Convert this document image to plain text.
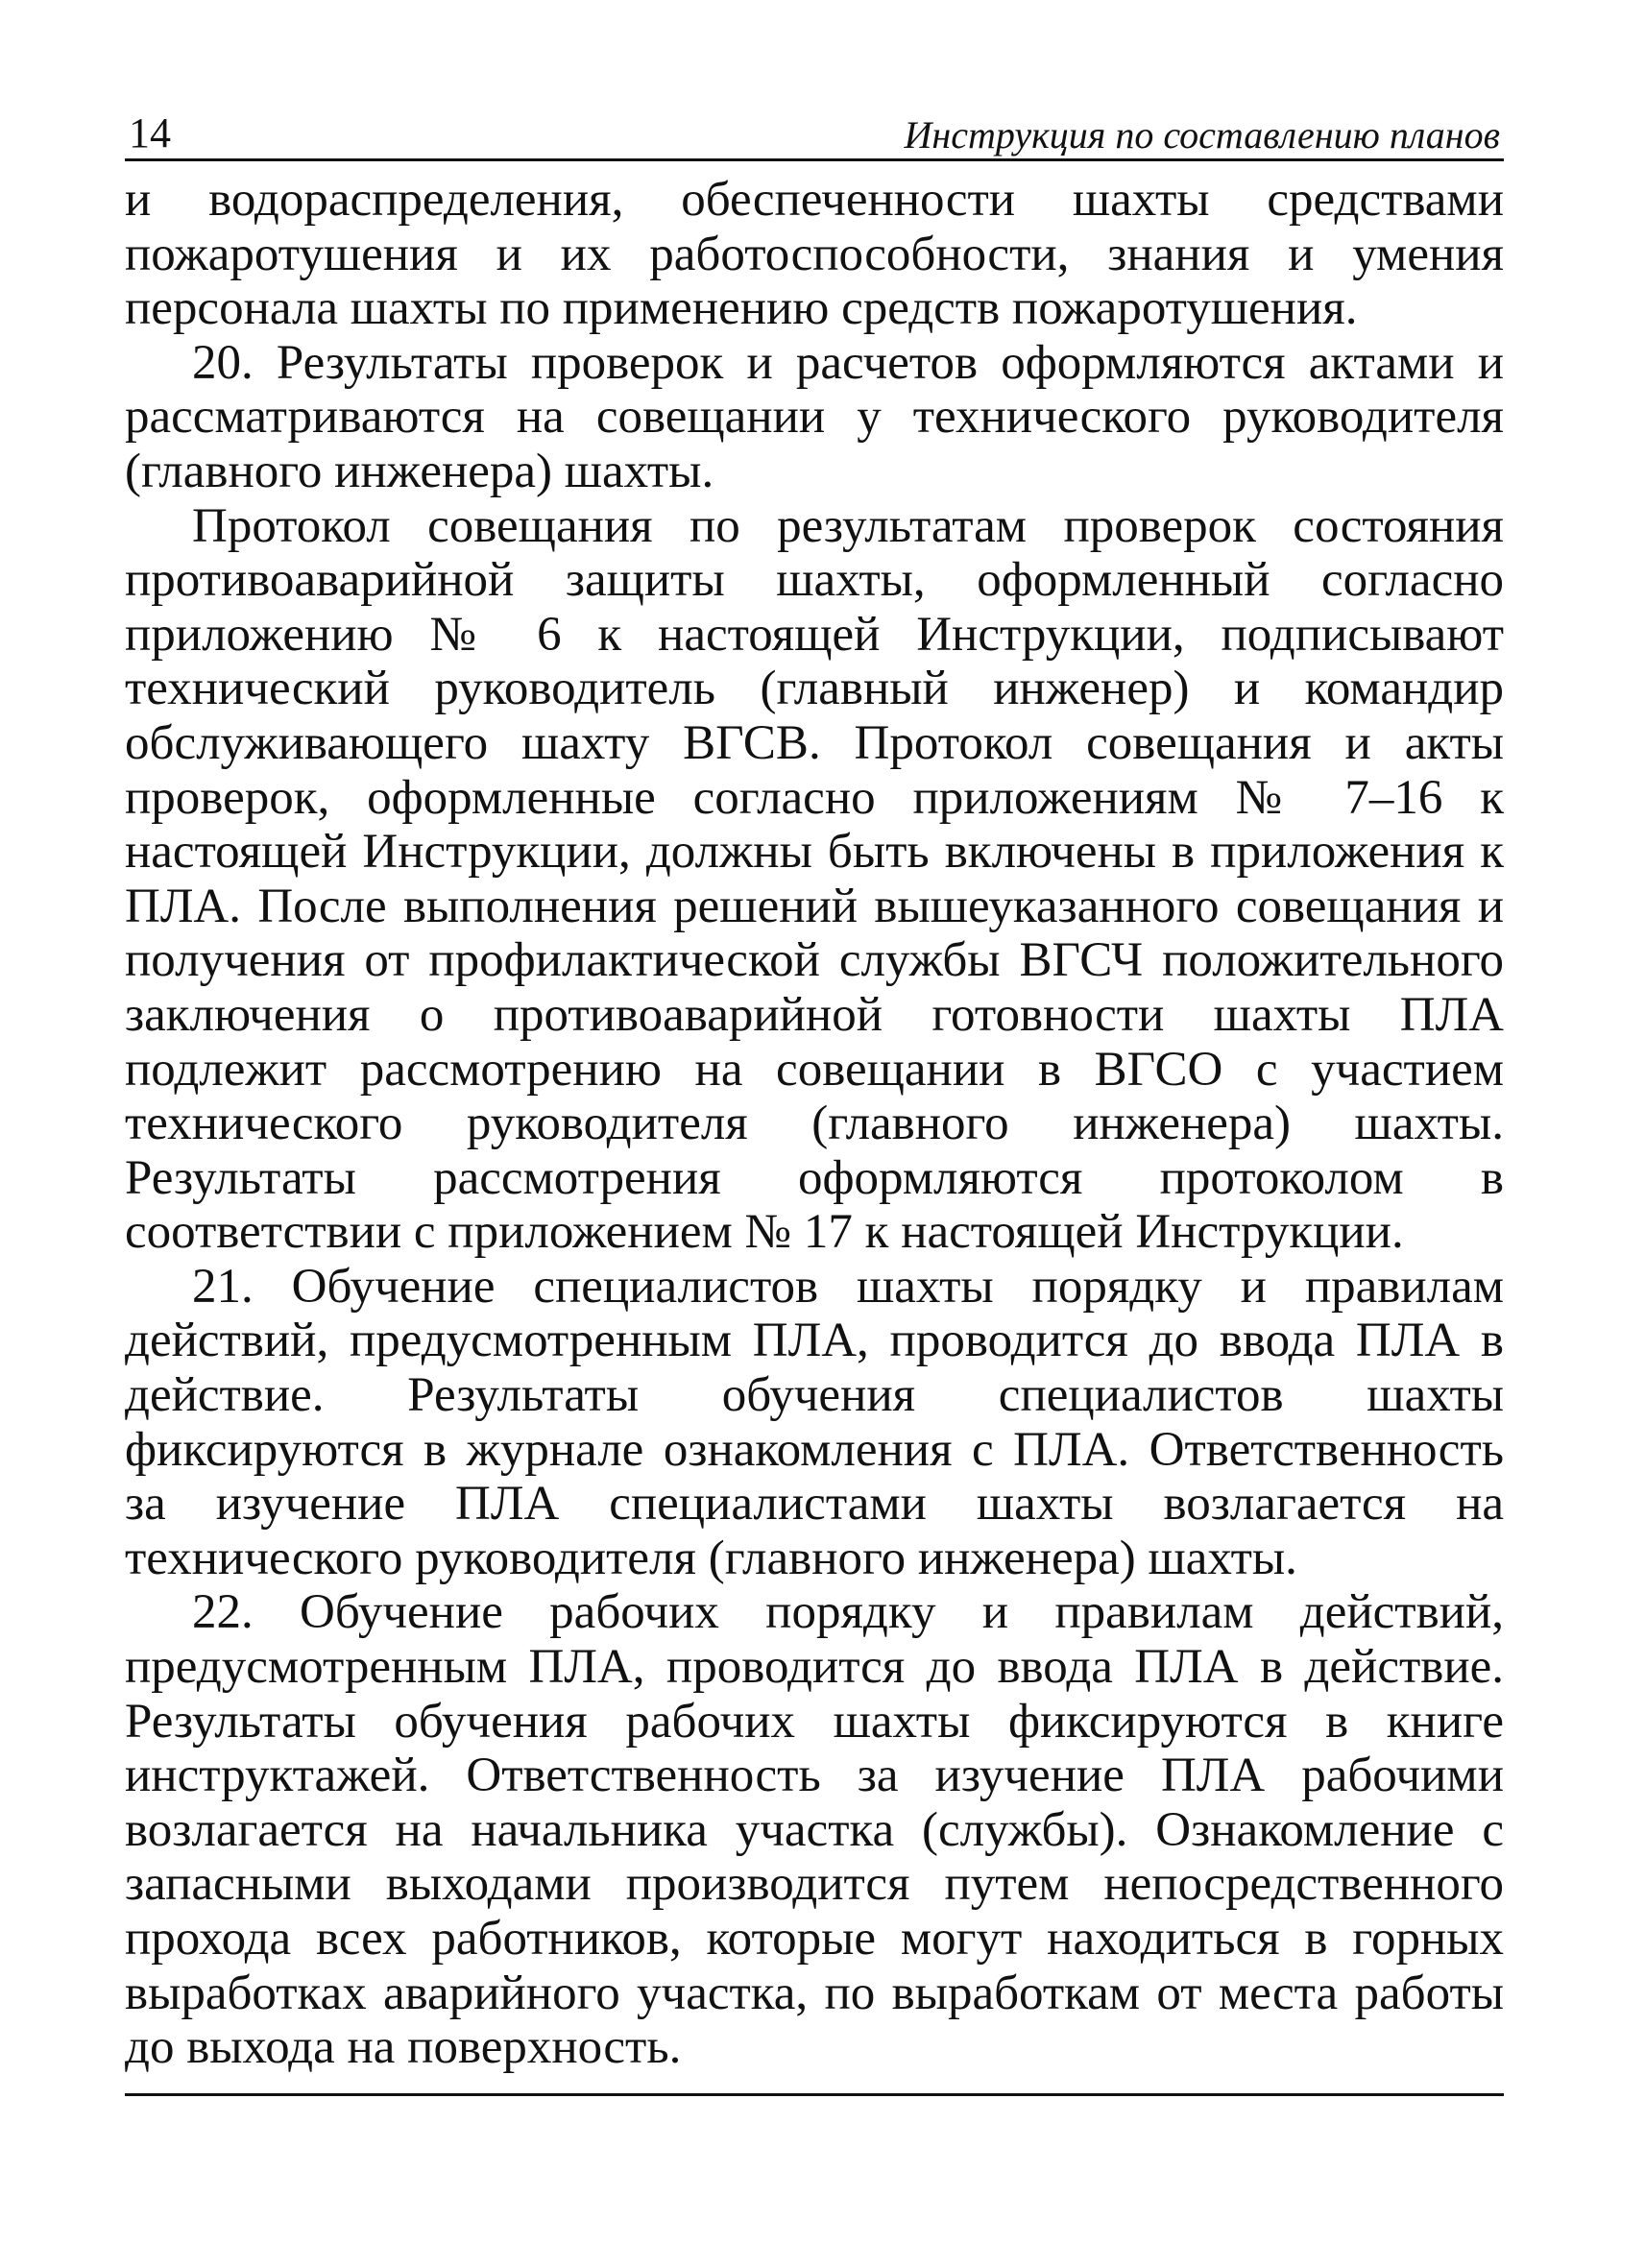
14	Инструкция по составлению планов

и водораспределения, обеспеченности шахты средствами пожаротушения и их работоспособности, знания и умения персонала шахты по применению средств пожаротушения.

20. Результаты проверок и расчетов оформляются актами и рассматриваются на совещании у технического руководителя (главного инженера) шахты.

Протокол совещания по результатам проверок состояния противоаварийной защиты шахты, оформленный согласно приложению № 6 к настоящей Инструкции, подписывают технический руководитель (главный инженер) и командир обслуживающего шахту ВГСВ. Протокол совещания и акты проверок, оформленные согласно приложениям № 7–16 к настоящей Инструкции, должны быть включены в приложения к ПЛА. После выполнения решений вышеуказанного совещания и получения от профилактической службы ВГСЧ положительного заключения о противоаварийной готовности шахты ПЛА подлежит рассмотрению на совещании в ВГСО с участием технического руководителя (главного инженера) шахты. Результаты рассмотрения оформляются протоколом в соответствии с приложением № 17 к настоящей Инструкции.

21. Обучение специалистов шахты порядку и правилам действий, предусмотренным ПЛА, проводится до ввода ПЛА в действие. Результаты обучения специалистов шахты фиксируются в журнале ознакомления с ПЛА. Ответственность за изучение ПЛА специалистами шахты возлагается на технического руководителя (главного инженера) шахты.

22. Обучение рабочих порядку и правилам действий, предусмотренным ПЛА, проводится до ввода ПЛА в действие. Результаты обучения рабочих шахты фиксируются в книге инструктажей. Ответственность за изучение ПЛА рабочими возлагается на начальника участка (службы). Ознакомление с запасными выходами производится путем непосредственного прохода всех работников, которые могут находиться в горных выработках аварийного участка, по выработкам от места работы до выхода на поверхность.
